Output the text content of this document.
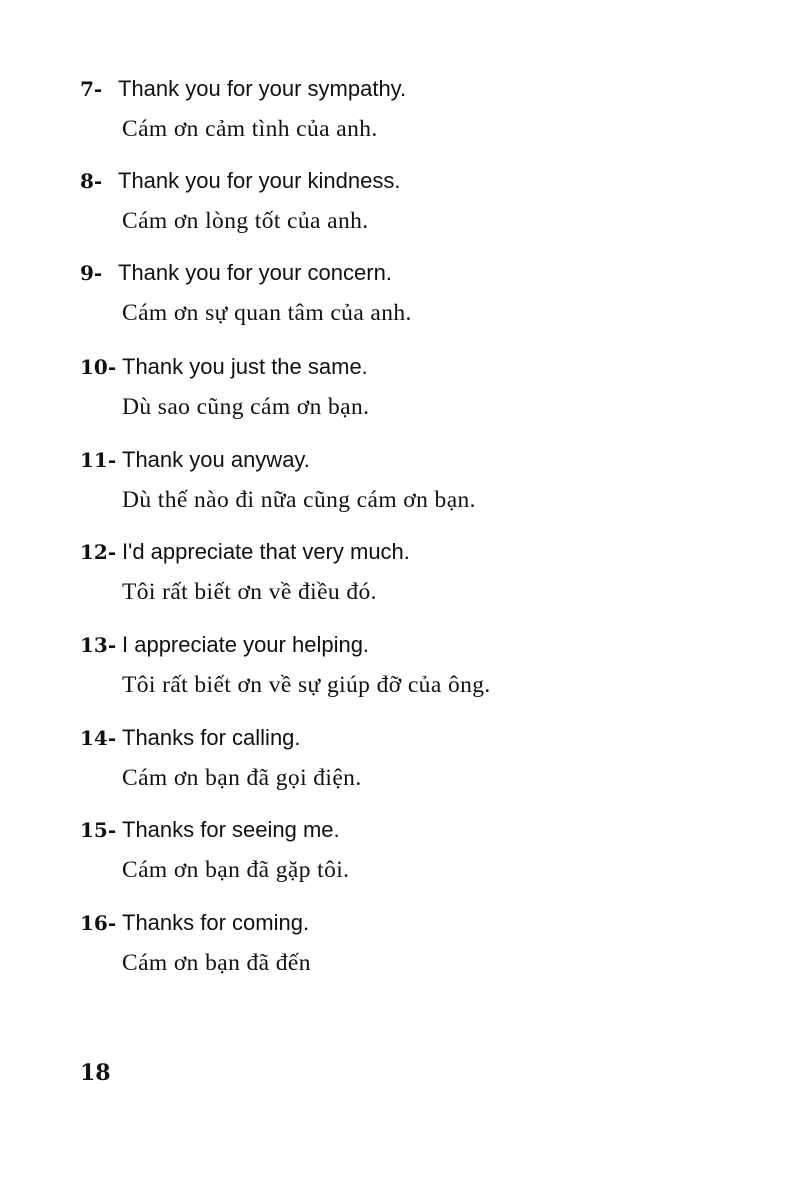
7- Thank you for your sympathy.
Cám ơn cảm tình của anh.
8- Thank you for your kindness.
Cám ơn lòng tốt của anh.
9- Thank you for your concern.
Cám ơn sự quan tâm của anh.
10- Thank you just the same.
Dù sao cũng cám ơn bạn.
11- Thank you anyway.
Dù thế nào đi nữa cũng cám ơn bạn.
12- I'd appreciate that very much.
Tôi rất biết ơn về điều đó.
13- I appreciate your helping.
Tôi rất biết ơn về sự giúp đỡ của ông.
14- Thanks for calling.
Cám ơn bạn đã gọi điện.
15- Thanks for seeing me.
Cám ơn bạn đã gặp tôi.
16- Thanks for coming.
Cám ơn bạn đã đến
18
